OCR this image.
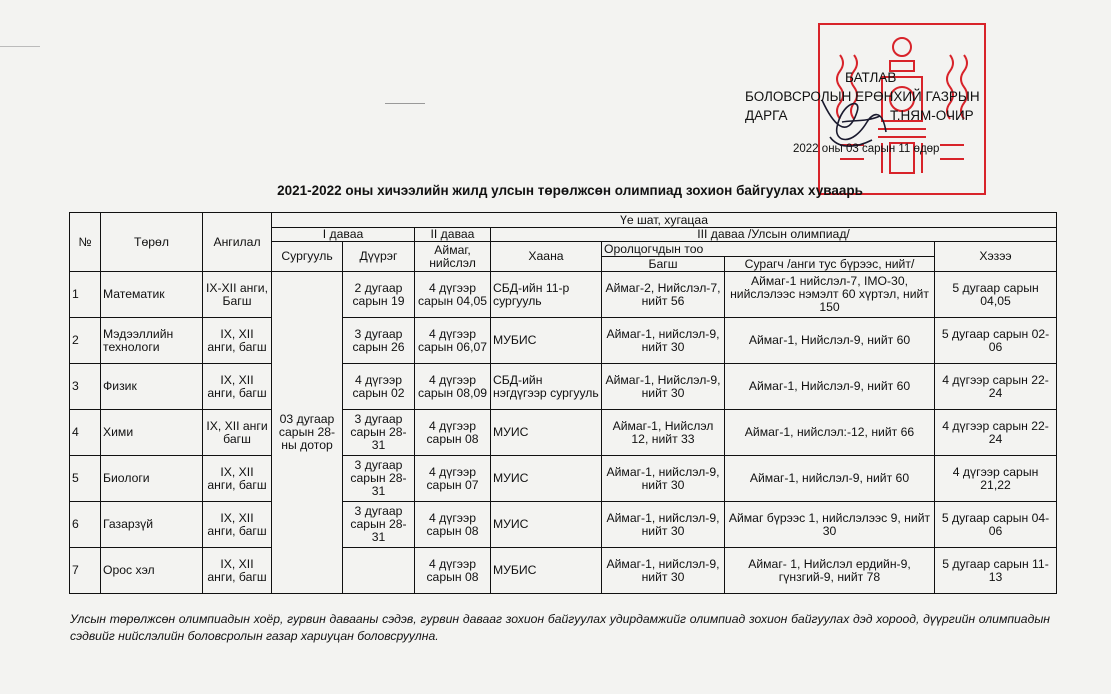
БАТЛАВ
БОЛОВСРОЛЫН ЕРӨНХИЙ ГАЗРЫН
ДАРГА	Т.НЯМ-ОЧИР
2022 оны 03 сарын 11 өдөр
2021-2022 оны хичээлийн жилд улсын төрөлжсөн олимпиад зохион байгуулах хуваарь
№	Төрөл	Ангилал	Үе шат, хугацаа						
			I даваа		II даваа	III даваа /Улсын олимпиад/			
			Сургууль	Дүүрэг	Аймаг, нийслэл	Хаана	Оролцогчдын тоо		Хэзээ
							Багш	Сурагч /анги тус бүрээс, нийт/	
1	Математик	IX-XII анги, Багш	03 дугаар сарын 28-ны дотор	2 дугаар сарын 19	4 дүгээр сарын 04,05	СБД-ийн 11-р сургууль	Аймаг-2, Нийслэл-7, нийт 56	Аймаг-1 нийслэл-7, IMO-30, нийслэлээс нэмэлт 60 хүртэл, нийт 150	5 дугаар сарын 04,05
2	Мэдээллийн технологи	IX, XII анги, багш		3 дугаар сарын 26	4 дүгээр сарын 06,07	МУБИС	Аймаг-1, нийслэл-9, нийт 30	Аймаг-1, Нийслэл-9, нийт 60	5 дугаар сарын 02-06
3	Физик	IX, XII анги, багш		4 дүгээр сарын 02	4 дүгээр сарын 08,09	СБД-ийн нэгдүгээр сургууль	Аймаг-1, Нийслэл-9, нийт 30	Аймаг-1, Нийслэл-9, нийт 60	4 дүгээр сарын 22-24
4	Хими	IX, XII анги багш		3 дугаар сарын 28-31	4 дүгээр сарын 08	МУИС	Аймаг-1, Нийслэл 12, нийт 33	Аймаг-1, нийслэл:-12, нийт 66	4 дүгээр сарын 22-24
5	Биологи	IX, XII анги, багш		3 дугаар сарын 28-31	4 дүгээр сарын 07	МУИС	Аймаг-1, нийслэл-9, нийт 30	Аймаг-1, нийслэл-9, нийт 60	4 дүгээр сарын 21,22
6	Газарзүй	IX, XII анги, багш		3 дугаар сарын 28-31	4 дүгээр сарын 08	МУИС	Аймаг-1, нийслэл-9, нийт 30	Аймаг бүрээс 1, нийслэлээс 9, нийт 30	5 дугаар сарын 04-06
7	Орос хэл	IX, XII анги, багш			4 дүгээр сарын 08	МУБИС	Аймаг-1, нийслэл-9, нийт 30	Аймаг- 1, Нийслэл ердийн-9, гүнзгий-9, нийт 78	5 дугаар сарын 11-13
Улсын төрөлжсөн олимпиадын хоёр, гурвин давааны сэдэв, гурвин давааг зохион байгуулах удирдамжийг олимпиад зохион байгуулах дэд хороод, дүүргийн олимпиадын сэдвийг нийслэлийн боловсролын газар хариуцан боловсруулна.
